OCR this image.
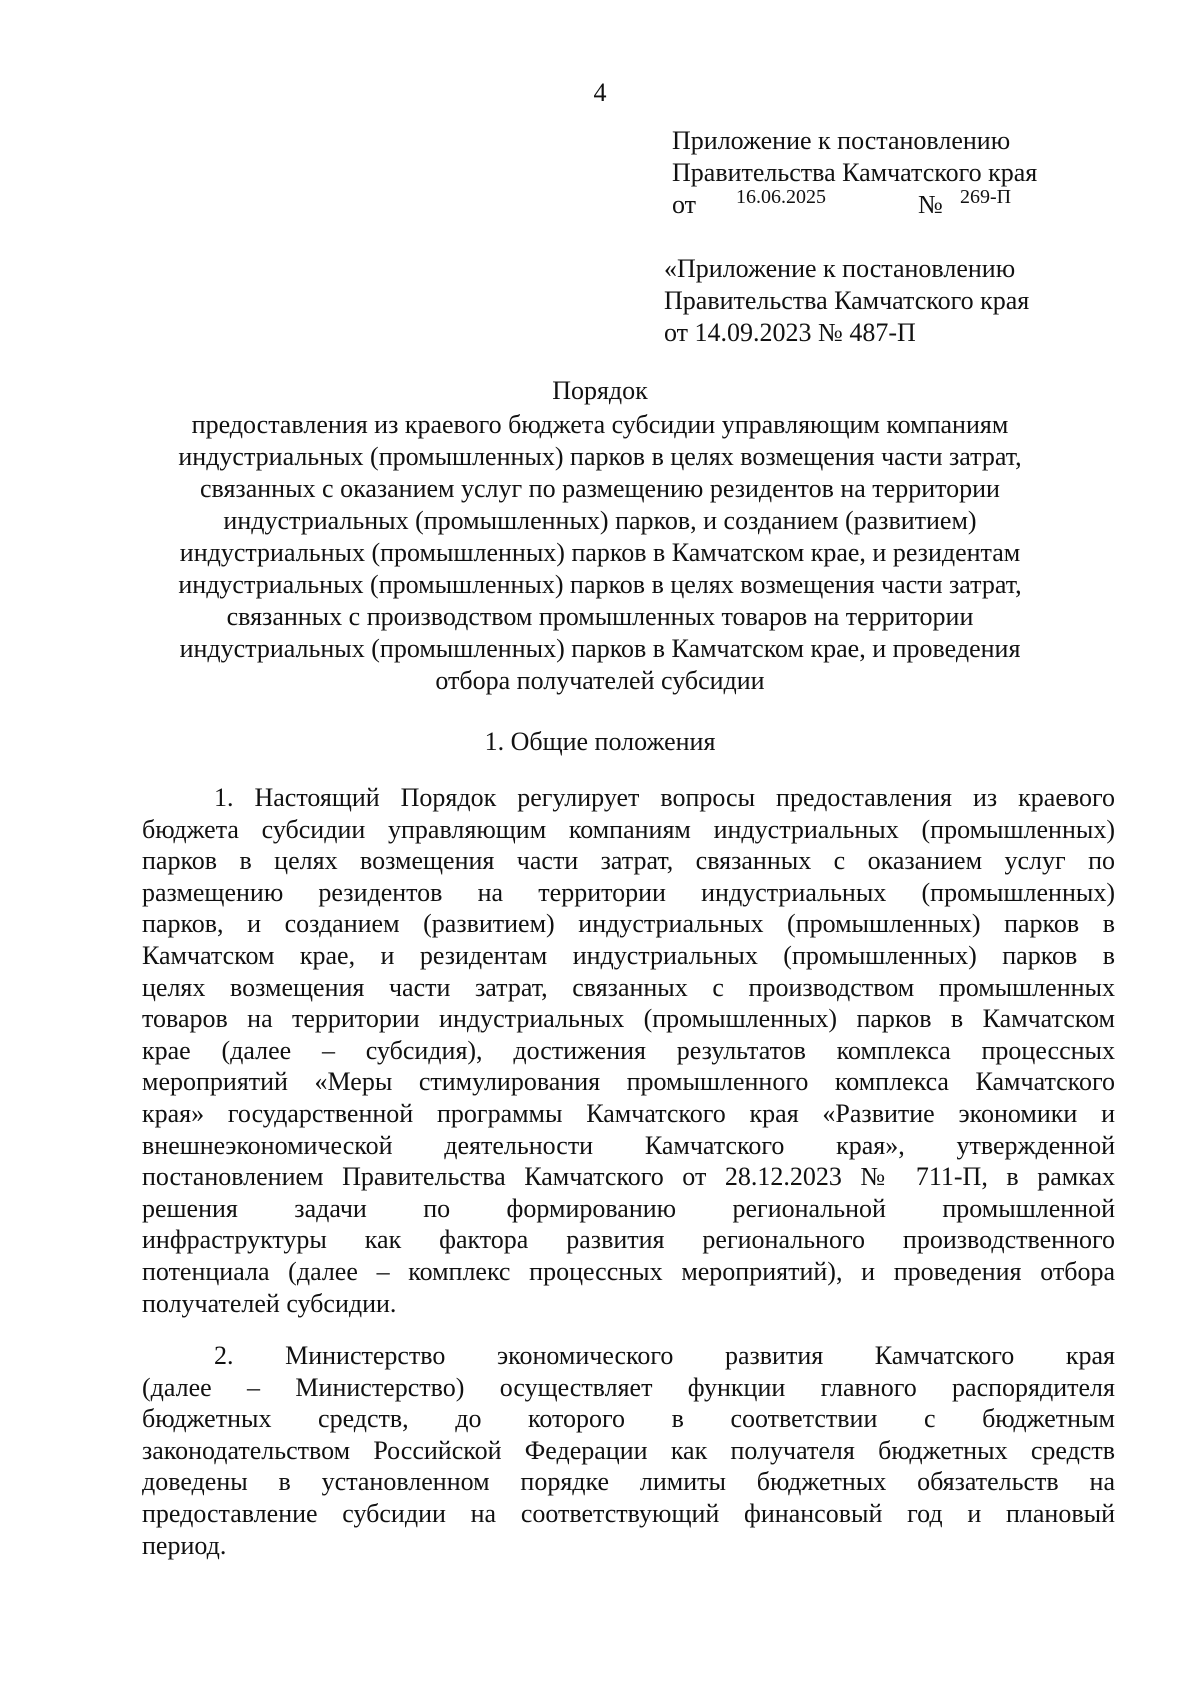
4
Приложение к постановлению
Правительства Камчатского края
от	16.06.2025	№ 269-П
«Приложение к постановлению
Правительства Камчатского края
от 14.09.2023 № 487-П
Порядок
предоставления из краевого бюджета субсидии управляющим компаниям
индустриальных (промышленных) парков в целях возмещения части затрат,
связанных с оказанием услуг по размещению резидентов на территории
индустриальных (промышленных) парков, и созданием (развитием)
индустриальных (промышленных) парков в Камчатском крае, и резидентам
индустриальных (промышленных) парков в целях возмещения части затрат,
связанных с производством промышленных товаров на территории
индустриальных (промышленных) парков в Камчатском крае, и проведения
отбора получателей субсидии
1. Общие положения
1. Настоящий Порядок регулирует вопросы предоставления из краевого
бюджета субсидии управляющим компаниям индустриальных (промышленных)
парков в целях возмещения части затрат, связанных с оказанием услуг по
размещению резидентов на территории индустриальных (промышленных)
парков, и созданием (развитием) индустриальных (промышленных) парков в
Камчатском крае, и резидентам индустриальных (промышленных) парков в
целях возмещения части затрат, связанных с производством промышленных
товаров на территории индустриальных (промышленных) парков в Камчатском
крае (далее – субсидия), достижения результатов комплекса процессных
мероприятий «Меры стимулирования промышленного комплекса Камчатского
края» государственной программы Камчатского края «Развитие экономики и
внешнеэкономической деятельности Камчатского края», утвержденной
постановлением Правительства Камчатского от 28.12.2023 № 711-П, в рамках
решения задачи по формированию региональной промышленной
инфраструктуры как фактора развития регионального производственного
потенциала (далее – комплекс процессных мероприятий), и проведения отбора
получателей субсидии.
2. Министерство экономического развития Камчатского края
(далее – Министерство) осуществляет функции главного распорядителя
бюджетных средств, до которого в соответствии с бюджетным
законодательством Российской Федерации как получателя бюджетных средств
доведены в установленном порядке лимиты бюджетных обязательств на
предоставление субсидии на соответствующий финансовый год и плановый
период.
